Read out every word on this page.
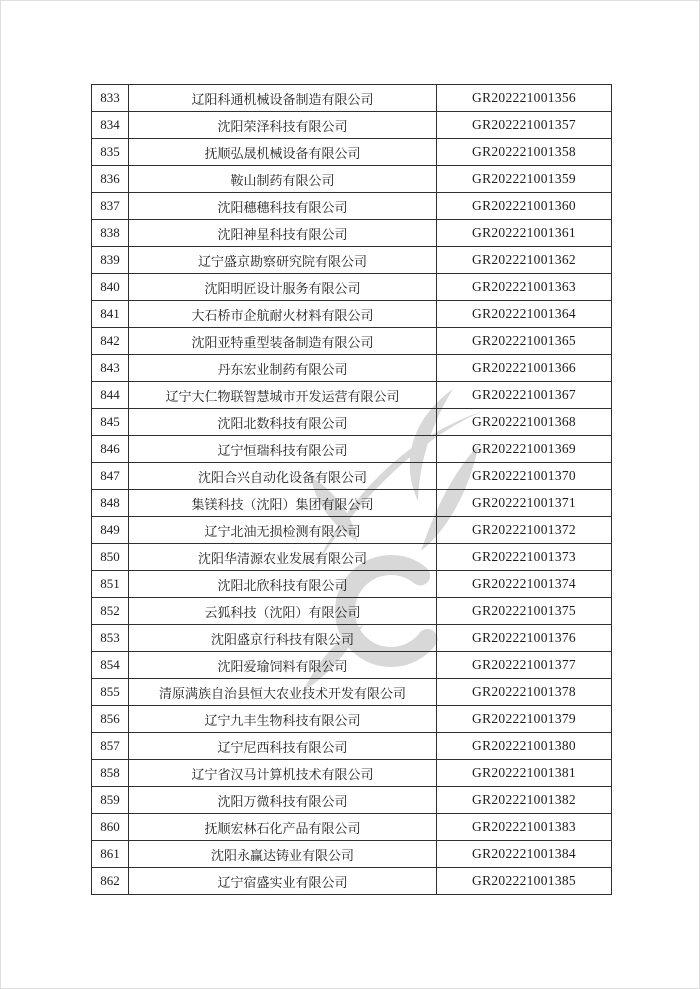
833	辽阳科通机械设备制造有限公司	GR202221001356
834	沈阳荣泽科技有限公司	GR202221001357
835	抚顺弘晟机械设备有限公司	GR202221001358
836	鞍山制药有限公司	GR202221001359
837	沈阳穗穗科技有限公司	GR202221001360
838	沈阳神星科技有限公司	GR202221001361
839	辽宁盛京勘察研究院有限公司	GR202221001362
840	沈阳明匠设计服务有限公司	GR202221001363
841	大石桥市企航耐火材料有限公司	GR202221001364
842	沈阳亚特重型装备制造有限公司	GR202221001365
843	丹东宏业制药有限公司	GR202221001366
844	辽宁大仁物联智慧城市开发运营有限公司	GR202221001367
845	沈阳北数科技有限公司	GR202221001368
846	辽宁恒瑞科技有限公司	GR202221001369
847	沈阳合兴自动化设备有限公司	GR202221001370
848	集镁科技（沈阳）集团有限公司	GR202221001371
849	辽宁北油无损检测有限公司	GR202221001372
850	沈阳华清源农业发展有限公司	GR202221001373
851	沈阳北欣科技有限公司	GR202221001374
852	云狐科技（沈阳）有限公司	GR202221001375
853	沈阳盛京行科技有限公司	GR202221001376
854	沈阳爱瑜饲料有限公司	GR202221001377
855	清原满族自治县恒大农业技术开发有限公司	GR202221001378
856	辽宁九丰生物科技有限公司	GR202221001379
857	辽宁尼西科技有限公司	GR202221001380
858	辽宁省汉马计算机技术有限公司	GR202221001381
859	沈阳万微科技有限公司	GR202221001382
860	抚顺宏林石化产品有限公司	GR202221001383
861	沈阳永赢达铸业有限公司	GR202221001384
862	辽宁宿盛实业有限公司	GR202221001385
